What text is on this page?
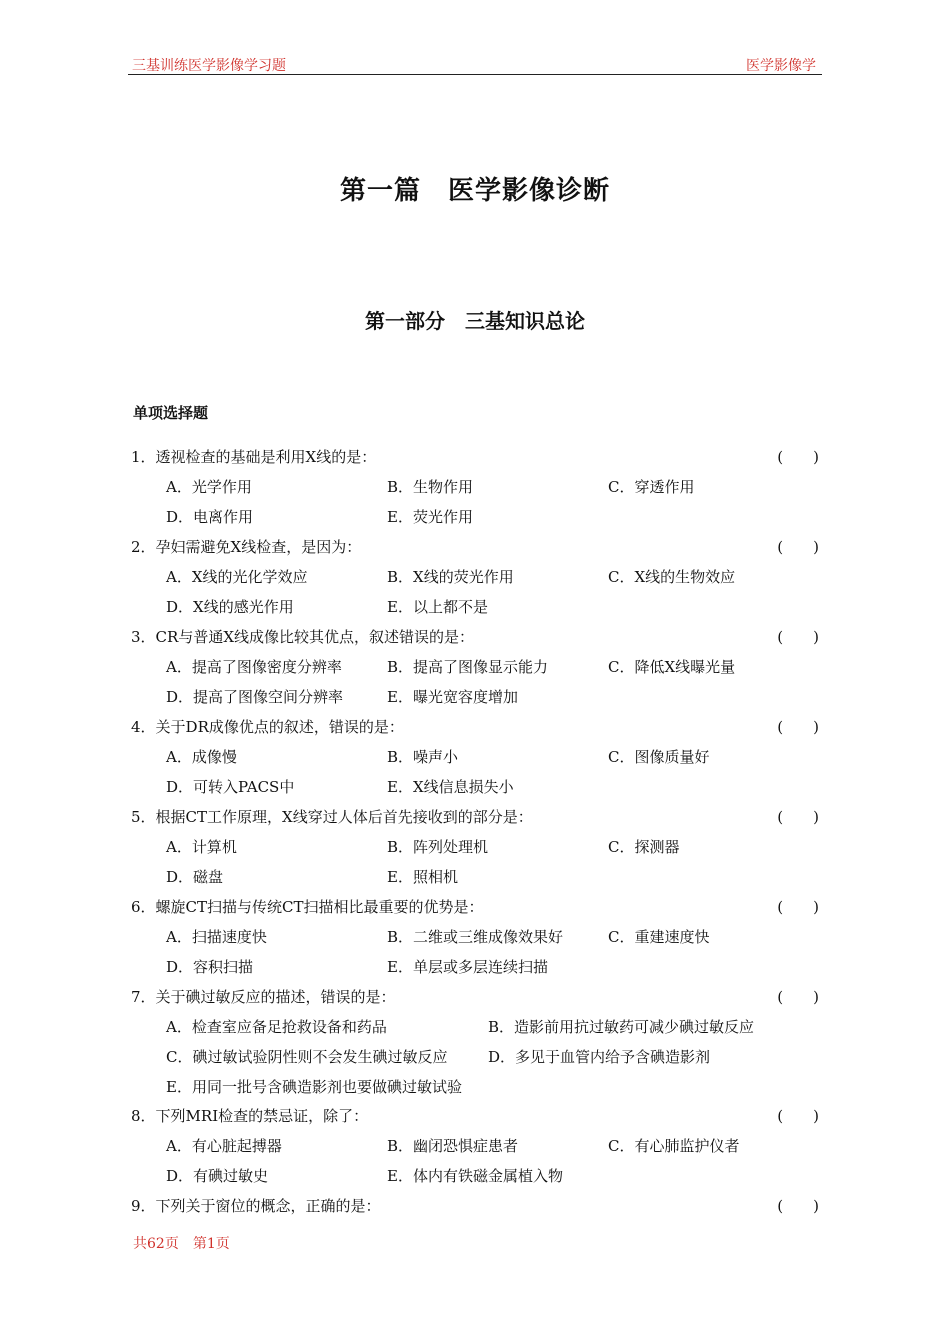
三基训练医学影像学习题	医学影像学
第一篇　医学影像诊断
第一部分　三基知识总论
单项选择题
1．透视检查的基础是利用X线的是：	(　　)
A．光学作用	B．生物作用	C．穿透作用
D．电离作用	E．荧光作用
2．孕妇需避免X线检查，是因为：	(　　)
A．X线的光化学效应	B．X线的荧光作用	C．X线的生物效应
D．X线的感光作用	E．以上都不是
3．CR与普通X线成像比较其优点，叙述错误的是：	(　　)
A．提高了图像密度分辨率	B．提高了图像显示能力	C．降低X线曝光量
D．提高了图像空间分辨率	E．曝光宽容度增加
4．关于DR成像优点的叙述，错误的是：	(　　)
A．成像慢	B．噪声小	C．图像质量好
D．可转入PACS中	E．X线信息损失小
5．根据CT工作原理，X线穿过人体后首先接收到的部分是：	(　　)
A．计算机	B．阵列处理机	C．探测器
D．磁盘	E．照相机
6．螺旋CT扫描与传统CT扫描相比最重要的优势是：	(　　)
A．扫描速度快	B．二维或三维成像效果好	C．重建速度快
D．容积扫描	E．单层或多层连续扫描
7．关于碘过敏反应的描述，错误的是：	(　　)
A．检查室应备足抢救设备和药品	B．造影前用抗过敏药可减少碘过敏反应
C．碘过敏试验阴性则不会发生碘过敏反应	D．多见于血管内给予含碘造影剂
E．用同一批号含碘造影剂也要做碘过敏试验
8．下列MRI检查的禁忌证，除了：	(　　)
A．有心脏起搏器	B．幽闭恐惧症患者	C．有心肺监护仪者
D．有碘过敏史	E．体内有铁磁金属植入物
9．下列关于窗位的概念，正确的是：	(　　)
共62页　第1页
